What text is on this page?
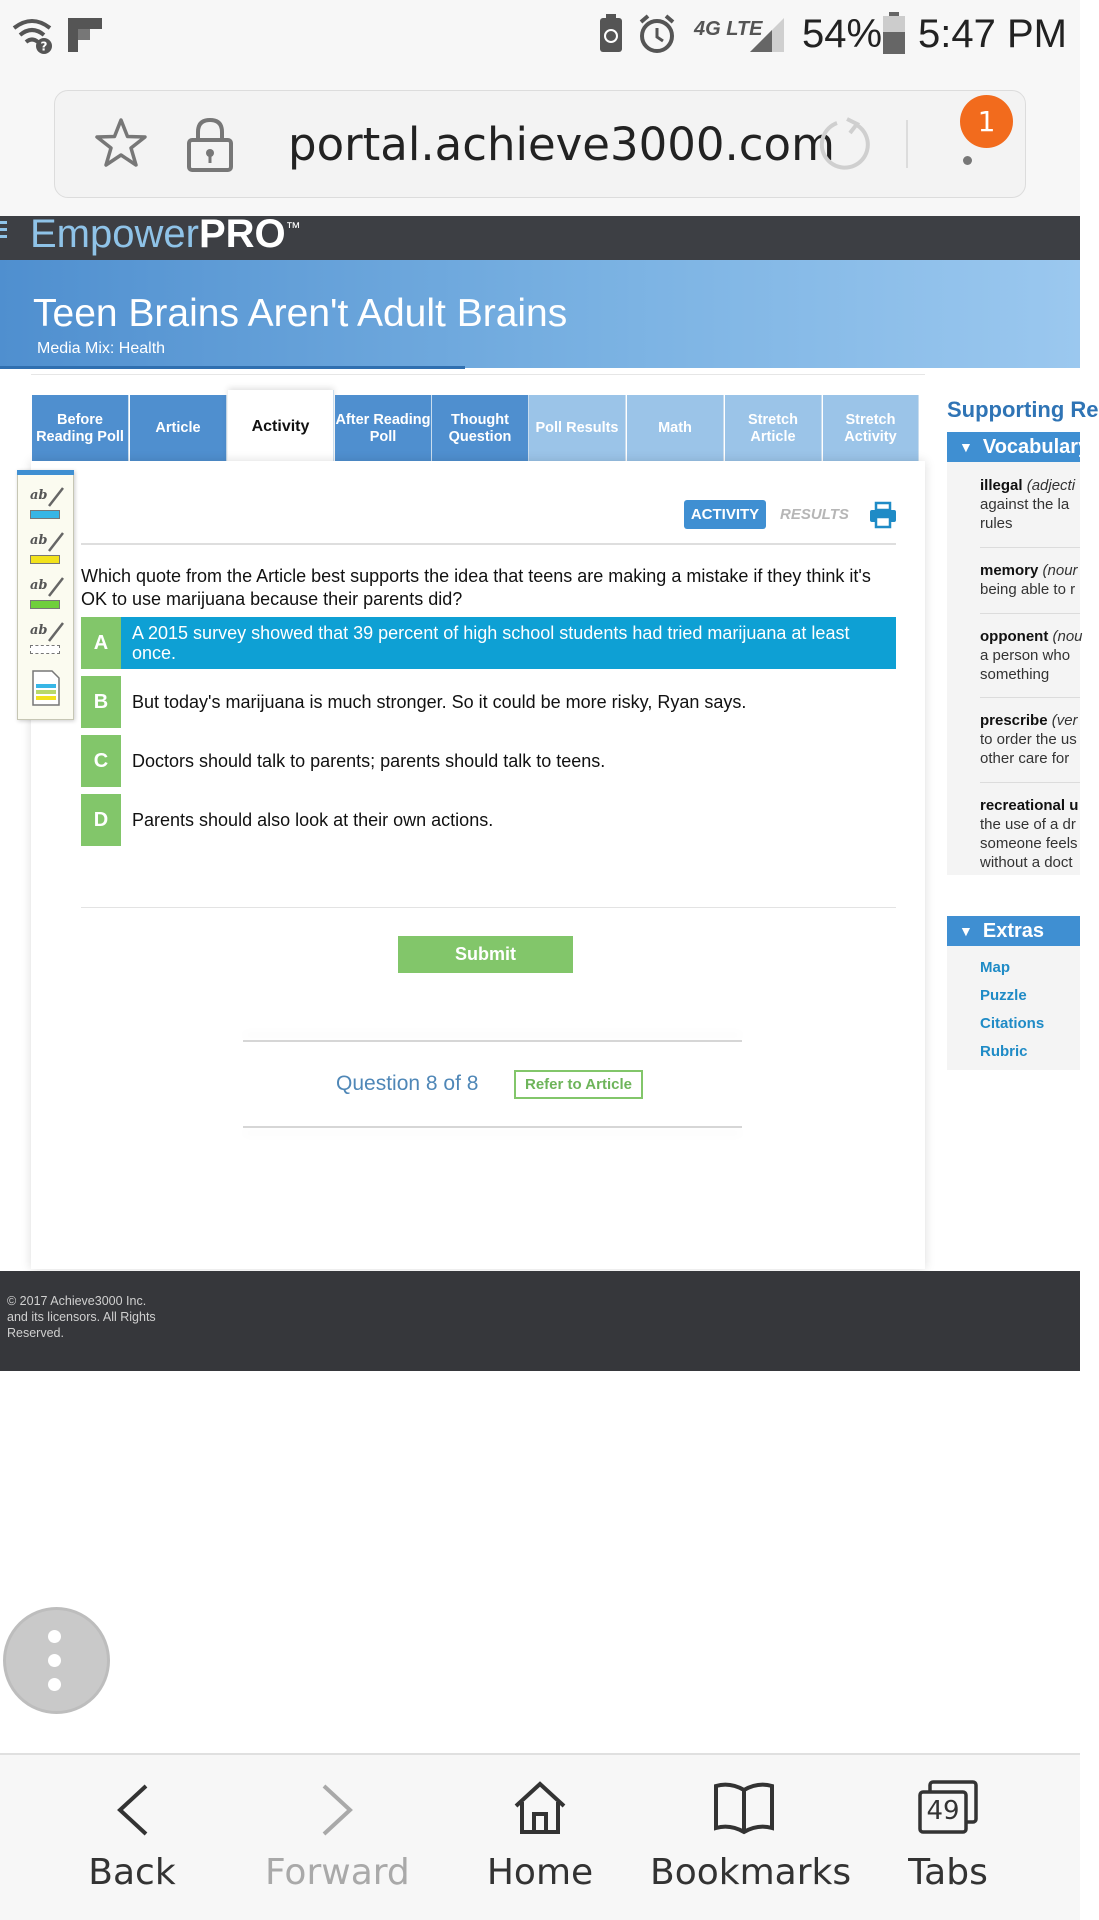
?
4G LTE 54% 5:47 PM
portal.achieve3000.com	1
EmpowerPRO™
Teen Brains Aren't Adult Brains
Media Mix: Health
Before Reading Poll
Article	Activity	After Reading Poll
Thought Question
Poll Results	Math
Stretch Article
Stretch Activity
ACTIVITY	RESULTS
Which quote from the Article best supports the idea that teens are making a mistake if they think it's OK to use marijuana because their parents did?
A	A 2015 survey showed that 39 percent of high school students had tried marijuana at least once.
B	But today's marijuana is much stronger. So it could be more risky, Ryan says.
C	Doctors should talk to parents; parents should talk to teens.
D	Parents should also look at their own actions.
Submit
Question 8 of 8	Refer to Article
ab
ab
ab
ab
Supporting Re
▼ Vocabulary
illegal (adjecti
against the la
rules
memory (nour
being able to r
opponent (nou
a person who
something
prescribe (ver
to order the us
other care for
recreational u
the use of a dr
someone feels
without a doct
▼ Extras
Map
Puzzle
Citations
Rubric
© 2017 Achieve3000 Inc. and its licensors. All Rights Reserved.
Back Forward Home Bookmarks
49
Tabs
